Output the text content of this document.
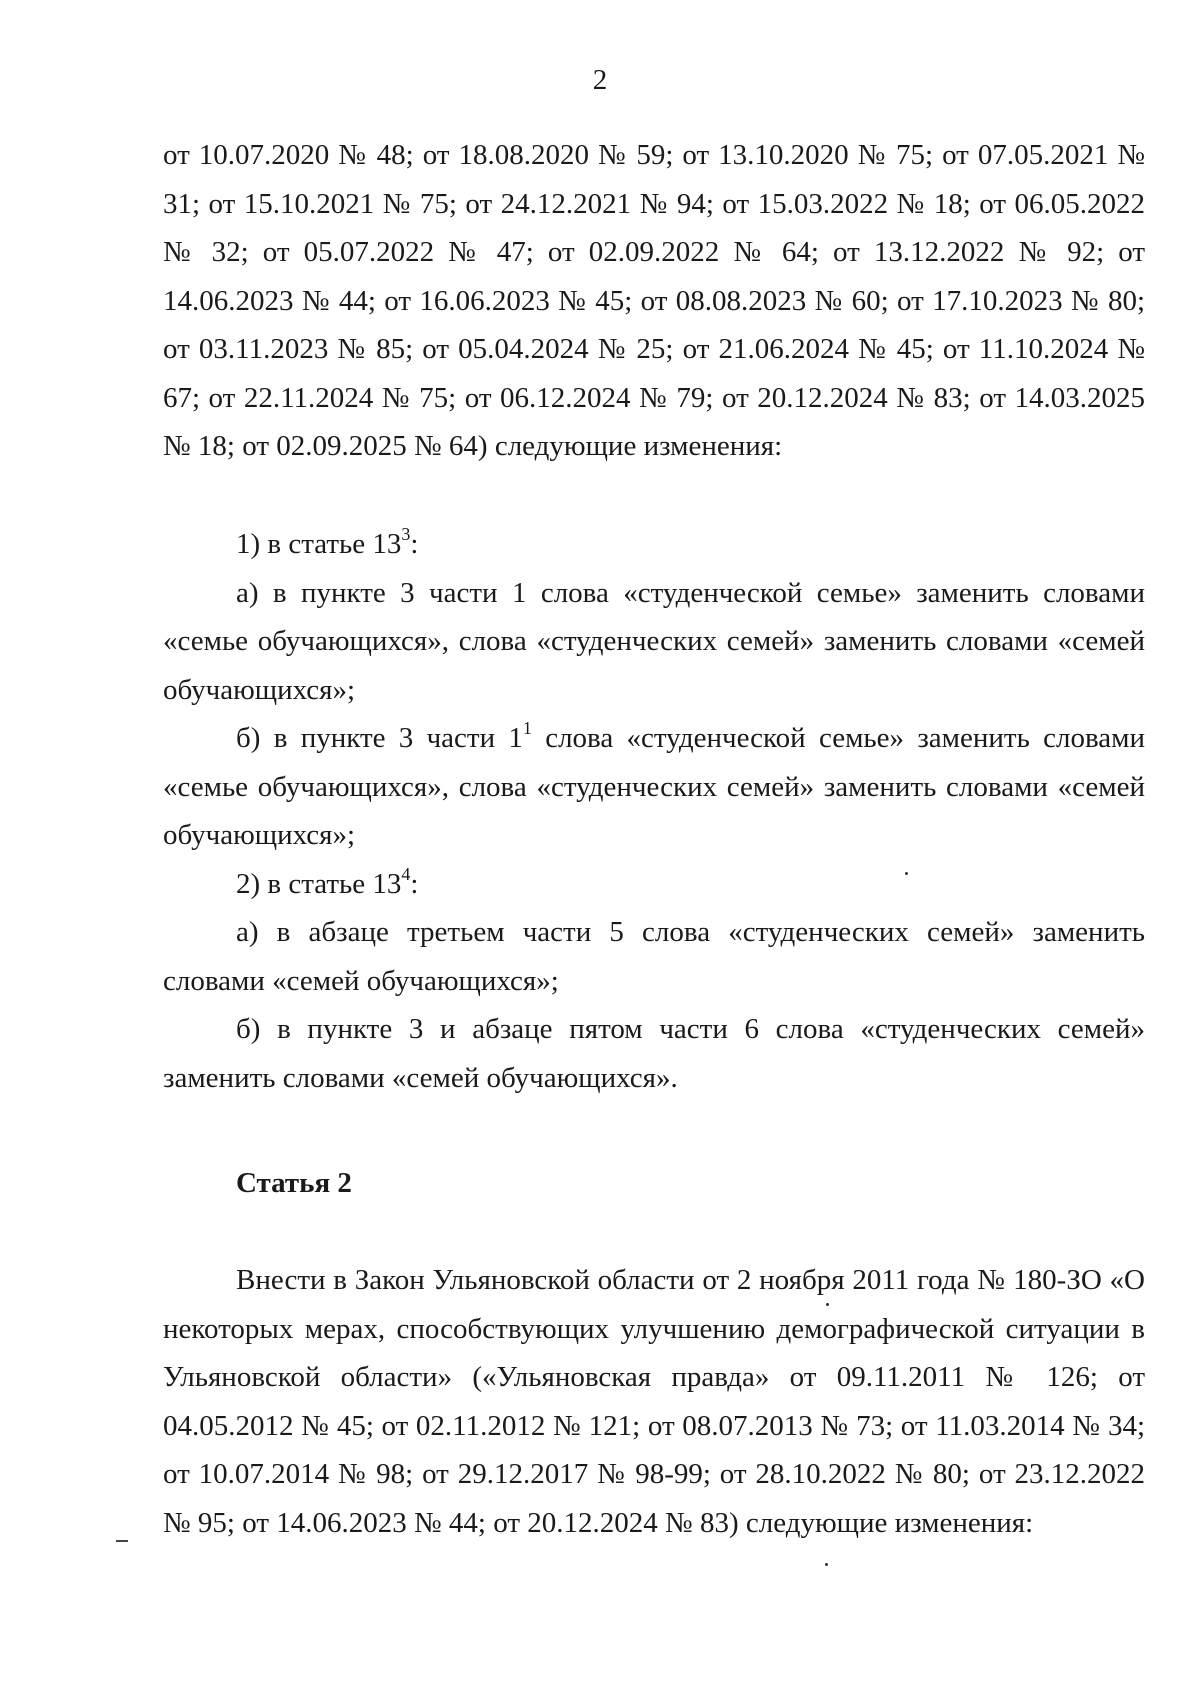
2

от 10.07.2020 № 48; от 18.08.2020 № 59; от 13.10.2020 № 75; от 07.05.2021 № 31; от 15.10.2021 № 75; от 24.12.2021 № 94; от 15.03.2022 № 18; от 06.05.2022 № 32; от 05.07.2022 № 47; от 02.09.2022 № 64; от 13.12.2022 № 92; от 14.06.2023 № 44; от 16.06.2023 № 45; от 08.08.2023 № 60; от 17.10.2023 № 80; от 03.11.2023 № 85; от 05.04.2024 № 25; от 21.06.2024 № 45; от 11.10.2024 № 67; от 22.11.2024 № 75; от 06.12.2024 № 79; от 20.12.2024 № 83; от 14.03.2025 № 18; от 02.09.2025 № 64) следующие изменения:

1) в статье $13^3$:

а) в пункте 3 части 1 слова «студенческой семье» заменить словами «семье обучающихся», слова «студенческих семей» заменить словами «семей обучающихся»;

б) в пункте 3 части $1^1$ слова «студенческой семье» заменить словами «семье обучающихся», слова «студенческих семей» заменить словами «семей обучающихся»;

2) в статье $13^4$:

а) в абзаце третьем части 5 слова «студенческих семей» заменить словами «семей обучающихся»;

б) в пункте 3 и абзаце пятом части 6 слова «студенческих семей» заменить словами «семей обучающихся».

Статья 2

Внести в Закон Ульяновской области от 2 ноября 2011 года № 180-ЗО «О некоторых мерах, способствующих улучшению демографической ситуации в Ульяновской области» («Ульяновская правда» от 09.11.2011 № 126; от 04.05.2012 № 45; от 02.11.2012 № 121; от 08.07.2013 № 73; от 11.03.2014 № 34; от 10.07.2014 № 98; от 29.12.2017 № 98-99; от 28.10.2022 № 80; от 23.12.2022 № 95; от 14.06.2023 № 44; от 20.12.2024 № 83) следующие изменения:
